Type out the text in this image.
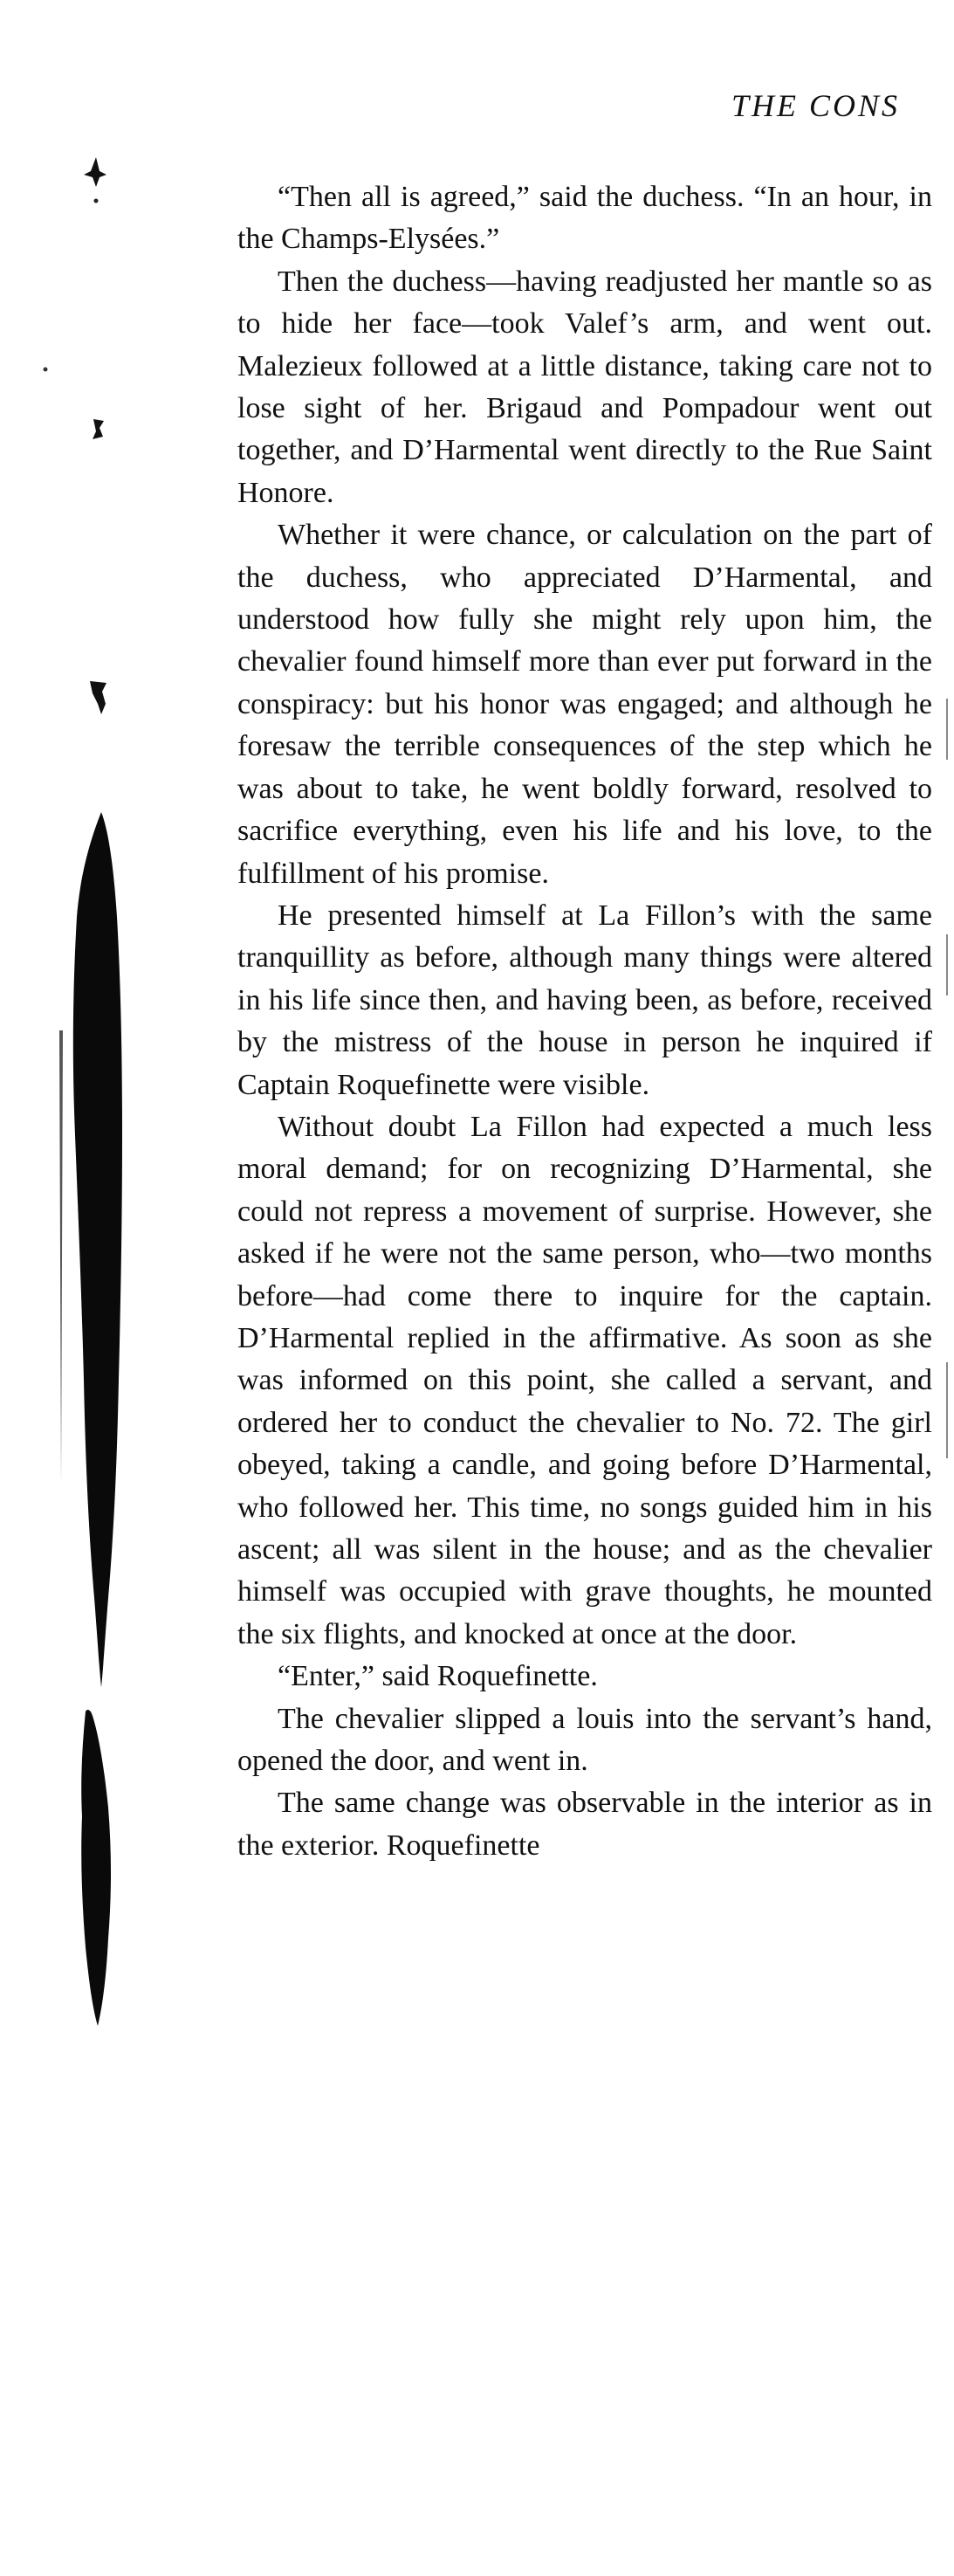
THE CONS

“Then all is agreed,” said the duchess. “In an hour, in the Champs-Elysées.”

Then the duchess—having readjusted her mantle so as to hide her face—took Valef’s arm, and went out. Malezieux followed at a little distance, taking care not to lose sight of her. Brigaud and Pompadour went out together, and D’Harmental went directly to the Rue Saint Honore.

Whether it were chance, or calculation on the part of the duchess, who appreciated D’Harmental, and understood how fully she might rely upon him, the chevalier found himself more than ever put forward in the conspiracy: but his honor was engaged; and although he foresaw the terrible consequences of the step which he was about to take, he went boldly forward, resolved to sacrifice everything, even his life and his love, to the fulfillment of his promise.

He presented himself at La Fillon’s with the same tranquillity as before, although many things were altered in his life since then, and having been, as before, received by the mistress of the house in person he inquired if Captain Roquefinette were visible.

Without doubt La Fillon had expected a much less moral demand; for on recognizing D’Harmental, she could not repress a movement of surprise. However, she asked if he were not the same person, who—two months before—had come there to inquire for the captain. D’Harmental replied in the affirmative. As soon as she was informed on this point, she called a servant, and ordered her to conduct the chevalier to No. 72. The girl obeyed, taking a candle, and going before D’Harmental, who followed her. This time, no songs guided him in his ascent; all was silent in the house; and as the chevalier himself was occupied with grave thoughts, he mounted the six flights, and knocked at once at the door.

“Enter,” said Roquefinette.

The chevalier slipped a louis into the servant’s hand, opened the door, and went in.

The same change was observable in the interior as in the exterior. Roquefinette
